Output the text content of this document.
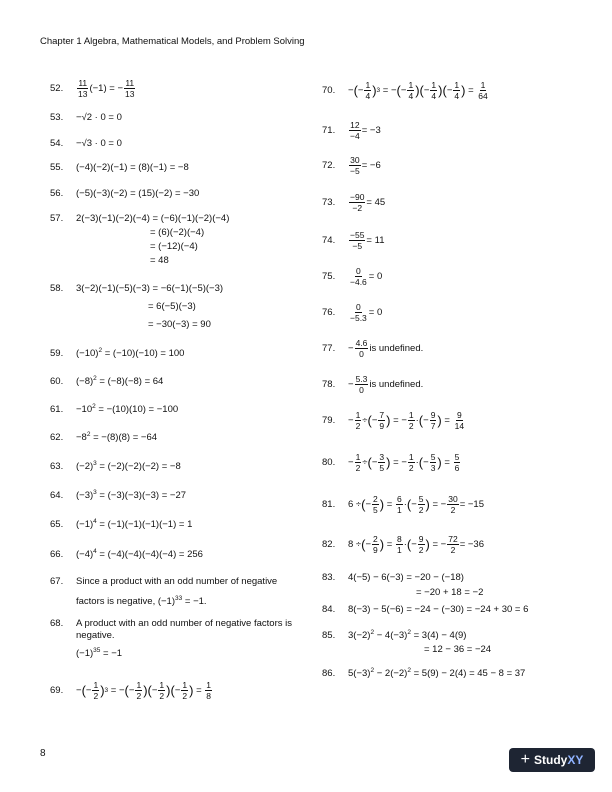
Chapter 1 Algebra, Mathematical Models, and Problem Solving
52.	11
13
(−1) = − $\frac{11}{13}$
53. −√2 · 0 = 0
54. −√3 · 0 = 0
55. (−4)(−2)(−1) = (8)(−1) = −8
56. (−5)(−3)(−2) = (15)(−2) = −30
57. 2(−3)(−1)(−2)(−4) = (−6)(−1)(−2)(−4)
= (6)(−2)(−4)
= (−12)(−4)
= 48
58. 3(−2)(−1)(−5)(−3) = −6(−1)(−5)(−3)
= 6(−5)(−3)
= −30(−3) = 90
59. $(-10)^2 = (-10)(-10) = 100$
60. $(-8)^2 = (-8)(-8) = 64$
61. $-10^2 = -(10)(10) = -100$
62. $-8^2 = -(8)(8) = -64$
63. $(-2)^3 = (-2)(-2)(-2) = -8$
64. $(-3)^3 = (-3)(-3)(-3) = -27$
65. $(-1)^4 = (-1)(-1)(-1)(-1) = 1$
66. $(-4)^4 = (-4)(-4)(-4)(-4) = 256$
67. Since a product with an odd number of negative
factors is negative, $(-1)^{33} = -1$.
68. A product with an odd number of negative factors is
negative.
$(-1)^{35} = -1$
69.	− ( − $\frac{1}{2}$ ) 3 = − ( − $\frac{1}{2}$ )( − $\frac{1}{2}$ )( − $\frac{1}{2}$ ) = $\frac{1}{8}$
70.	− ( − $\frac{1}{4}$ ) 3 = − ( − $\frac{1}{4}$ )( − $\frac{1}{4}$ )( − $\frac{1}{4}$ ) = $\frac{1}{64}$
71.	$\frac{12}{-4} = -3$
72.	$\frac{30}{-5} = -6$
73.	$\frac{-90}{-2} = 45$
74.	$\frac{-55}{-5} = 11$
75.	$\frac{0}{-4.6} = 0$
76.	$\frac{0}{-5.3} = 0$
77.	− $\frac{4.6}{0}$ is undefined.
78.	− $\frac{5.3}{0}$ is undefined.
79.	− $\frac{1}{2}$ ÷ ( − $\frac{7}{9}$ ) = − $\frac{1}{2}$ · ( − $\frac{9}{7}$ ) = $\frac{9}{14}$
80.	− $\frac{1}{2}$ ÷ ( − $\frac{3}{5}$ ) = − $\frac{1}{2}$ · ( − $\frac{5}{3}$ ) = $\frac{5}{6}$
81.	6 ÷ ( − $\frac{2}{5}$ ) = $\frac{6}{1}$ · ( − $\frac{5}{2}$ ) = − $\frac{30}{2} = -15$
82.	8 ÷ ( − $\frac{2}{9}$ ) = $\frac{8}{1}$ · ( − $\frac{9}{2}$ ) = − $\frac{72}{2} = -36$
83. 4(−5) − 6(−3) = −20 − (−18)
= −20 + 18 = −2
84. 8(−3) − 5(−6) = −24 − (−30) = −24 + 30 = 6
85. $3(-2)^2 - 4(-3)^2 = 3(4) - 4(9)$
= 12 − 36 = −24
86. $5(-3)^2 - 2(-2)^2 = 5(9) - 2(4) = 45 - 8 = 37$
8	+ Study XY
